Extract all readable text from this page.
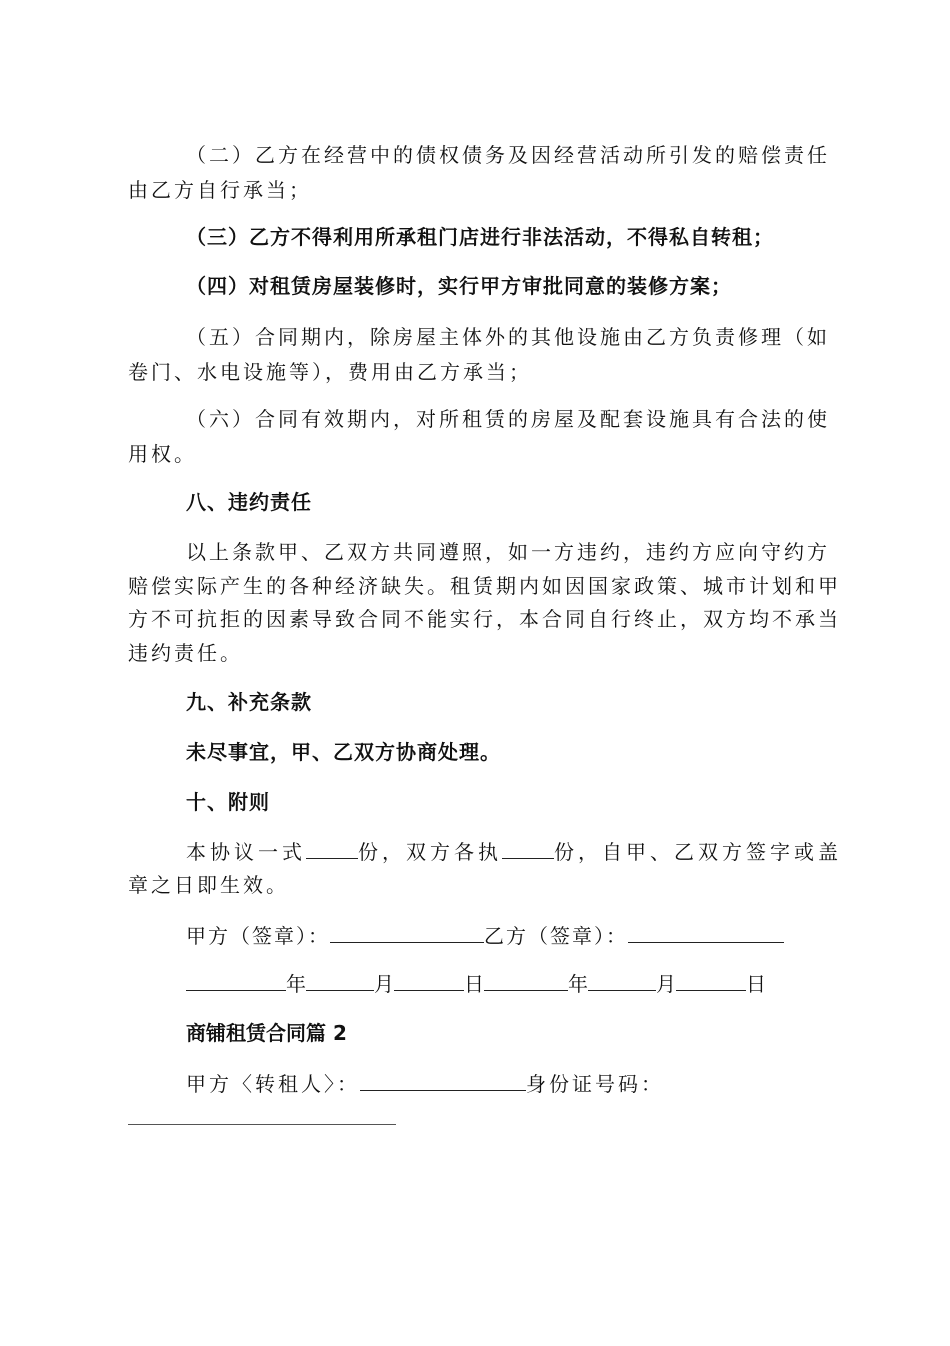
（二）乙方在经营中的债权债务及因经营活动所引发的赔偿责任
由乙方自行承当；
（三）乙方不得利用所承租门店进行非法活动，不得私自转租；
（四）对租赁房屋装修时，实行甲方审批同意的装修方案；
（五）合同期内，除房屋主体外的其他设施由乙方负责修理（如
卷门、水电设施等），费用由乙方承当；
（六）合同有效期内，对所租赁的房屋及配套设施具有合法的使
用权。
八、违约责任
以上条款甲、乙双方共同遵照，如一方违约，违约方应向守约方
赔偿实际产生的各种经济缺失。租赁期内如因国家政策、城市计划和甲
方不可抗拒的因素导致合同不能实行，本合同自行终止，双方均不承当
违约责任。
九、补充条款
未尽事宜，甲、乙双方协商处理。
十、附则
本协议一式	份，双方各执	份，自甲、乙双方签字或盖
章之日即生效。
甲方（签章）：	乙方（签章）：
年	月	日	年	月	日
商铺租赁合同篇 2
甲方〈转租人〉：	身份证号码：
